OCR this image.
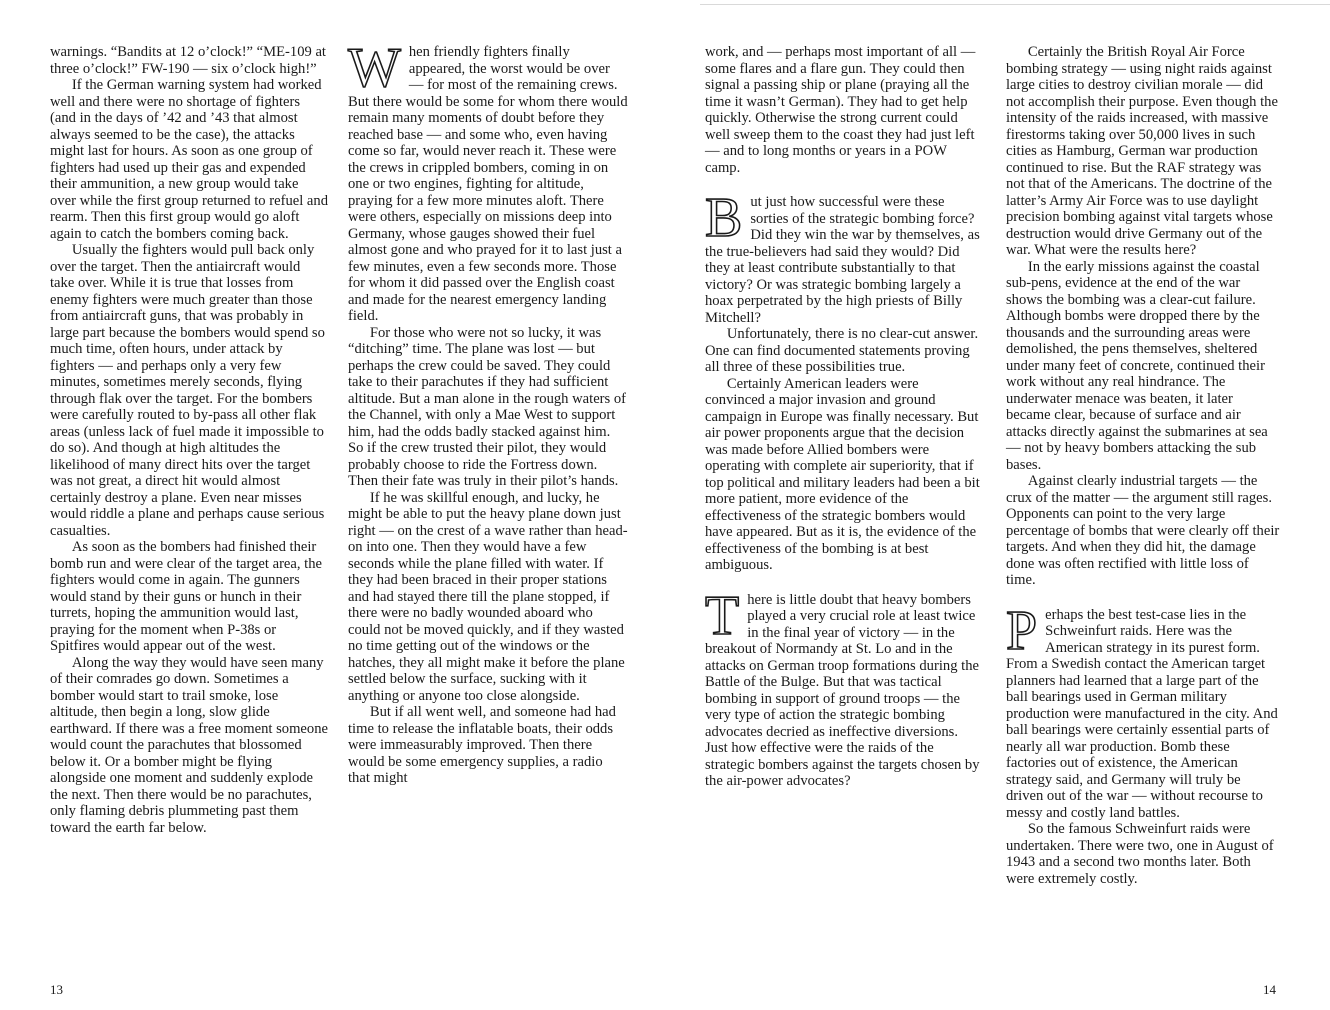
warnings. “Bandits at 12 o’clock!” “ME-109 at three o’clock!” FW-190 — six o’clock high!”

If the German warning system had worked well and there were no shortage of fighters (and in the days of ’42 and ’43 that almost always seemed to be the case), the attacks might last for hours. As soon as one group of fighters had used up their gas and expended their ammunition, a new group would take over while the first group returned to refuel and rearm. Then this first group would go aloft again to catch the bombers coming back.

Usually the fighters would pull back only over the target. Then the antiaircraft would take over. While it is true that losses from enemy fighters were much greater than those from antiaircraft guns, that was probably in large part because the bombers would spend so much time, often hours, under attack by fighters — and perhaps only a very few minutes, sometimes merely seconds, flying through flak over the target. For the bombers were carefully routed to by-pass all other flak areas (unless lack of fuel made it impossible to do so). And though at high altitudes the likelihood of many direct hits over the target was not great, a direct hit would almost certainly destroy a plane. Even near misses would riddle a plane and perhaps cause serious casualties.

As soon as the bombers had finished their bomb run and were clear of the target area, the fighters would come in again. The gunners would stand by their guns or hunch in their turrets, hoping the ammunition would last, praying for the moment when P-38s or Spitfires would appear out of the west.

Along the way they would have seen many of their comrades go down. Sometimes a bomber would start to trail smoke, lose altitude, then begin a long, slow glide earthward. If there was a free moment someone would count the parachutes that blossomed below it. Or a bomber might be flying alongside one moment and suddenly explode the next. Then there would be no parachutes, only flaming debris plummeting past them toward the earth far below.

When friendly fighters finally appeared, the worst would be over — for most of the remaining crews. But there would be some for whom there would remain many moments of doubt before they reached base — and some who, even having come so far, would never reach it. These were the crews in crippled bombers, coming in on one or two engines, fighting for altitude, praying for a few more minutes aloft. There were others, especially on missions deep into Germany, whose gauges showed their fuel almost gone and who prayed for it to last just a few minutes, even a few seconds more. Those for whom it did passed over the English coast and made for the nearest emergency landing field.

For those who were not so lucky, it was “ditching” time. The plane was lost — but perhaps the crew could be saved. They could take to their parachutes if they had sufficient altitude. But a man alone in the rough waters of the Channel, with only a Mae West to support him, had the odds badly stacked against him. So if the crew trusted their pilot, they would probably choose to ride the Fortress down. Then their fate was truly in their pilot’s hands.

If he was skillful enough, and lucky, he might be able to put the heavy plane down just right — on the crest of a wave rather than head-on into one. Then they would have a few seconds while the plane filled with water. If they had been braced in their proper stations and had stayed there till the plane stopped, if there were no badly wounded aboard who could not be moved quickly, and if they wasted no time getting out of the windows or the hatches, they all might make it before the plane settled below the surface, sucking with it anything or anyone too close alongside.

But if all went well, and someone had had time to release the inflatable boats, their odds were immeasurably improved. Then there would be some emergency supplies, a radio that might

13

work, and — perhaps most important of all — some flares and a flare gun. They could then signal a passing ship or plane (praying all the time it wasn’t German). They had to get help quickly. Otherwise the strong current could well sweep them to the coast they had just left — and to long months or years in a POW camp.

But just how successful were these sorties of the strategic bombing force? Did they win the war by themselves, as the true-believers had said they would? Did they at least contribute substantially to that victory? Or was strategic bombing largely a hoax perpetrated by the high priests of Billy Mitchell?

Unfortunately, there is no clear-cut answer. One can find documented statements proving all three of these possibilities true.

Certainly American leaders were convinced a major invasion and ground campaign in Europe was finally necessary. But air power proponents argue that the decision was made before Allied bombers were operating with complete air superiority, that if top political and military leaders had been a bit more patient, more evidence of the effectiveness of the strategic bombers would have appeared. But as it is, the evidence of the effectiveness of the bombing is at best ambiguous.

There is little doubt that heavy bombers played a very crucial role at least twice in the final year of victory — in the breakout of Normandy at St. Lo and in the attacks on German troop formations during the Battle of the Bulge. But that was tactical bombing in support of ground troops — the very type of action the strategic bombing advocates decried as ineffective diversions. Just how effective were the raids of the strategic bombers against the targets chosen by the air-power advocates?

Certainly the British Royal Air Force bombing strategy — using night raids against large cities to destroy civilian morale — did not accomplish their purpose. Even though the intensity of the raids increased, with massive firestorms taking over 50,000 lives in such cities as Hamburg, German war production continued to rise. But the RAF strategy was not that of the Americans. The doctrine of the latter’s Army Air Force was to use daylight precision bombing against vital targets whose destruction would drive Germany out of the war. What were the results here?

In the early missions against the coastal sub-pens, evidence at the end of the war shows the bombing was a clear-cut failure. Although bombs were dropped there by the thousands and the surrounding areas were demolished, the pens themselves, sheltered under many feet of concrete, continued their work without any real hindrance. The underwater menace was beaten, it later became clear, because of surface and air attacks directly against the submarines at sea — not by heavy bombers attacking the sub bases.

Against clearly industrial targets — the crux of the matter — the argument still rages. Opponents can point to the very large percentage of bombs that were clearly off their targets. And when they did hit, the damage done was often rectified with little loss of time.

Perhaps the best test-case lies in the Schweinfurt raids. Here was the American strategy in its purest form. From a Swedish contact the American target planners had learned that a large part of the ball bearings used in German military production were manufactured in the city. And ball bearings were certainly essential parts of nearly all war production. Bomb these factories out of existence, the American strategy said, and Germany will truly be driven out of the war — without recourse to messy and costly land battles.

So the famous Schweinfurt raids were undertaken. There were two, one in August of 1943 and a second two months later. Both were extremely costly.

14
